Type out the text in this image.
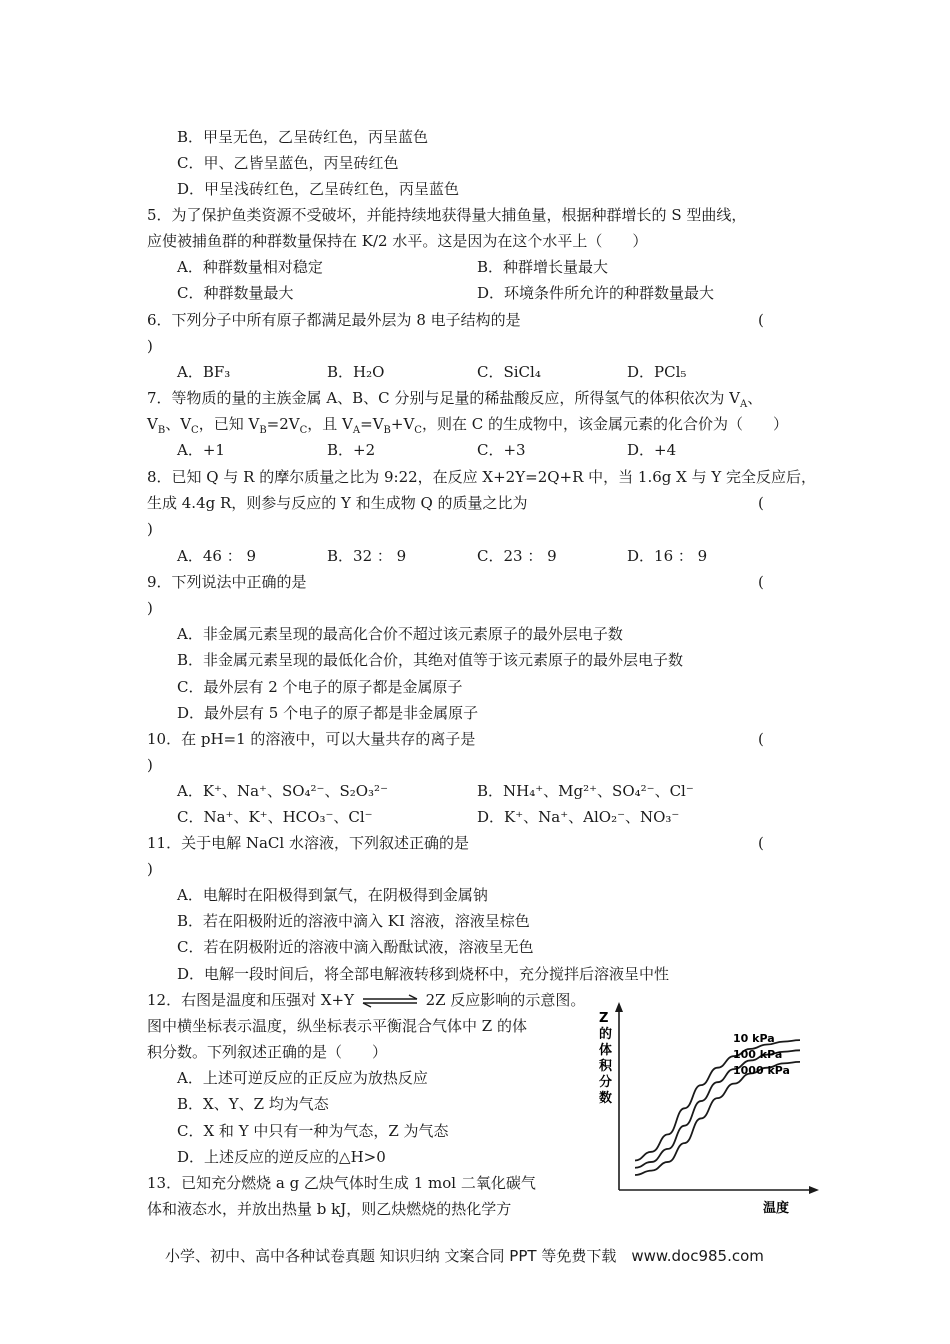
B．甲呈无色，乙呈砖红色，丙呈蓝色
C．甲、乙皆呈蓝色，丙呈砖红色
D．甲呈浅砖红色，乙呈砖红色，丙呈蓝色
5．为了保护鱼类资源不受破坏，并能持续地获得量大捕鱼量，根据种群增长的 S 型曲线，
应使被捕鱼群的种群数量保持在 K/2 水平。这是因为在这个水平上（　　）
A．种群数量相对稳定	B．种群增长量最大
C．种群数量最大	D．环境条件所允许的种群数量最大
6．下列分子中所有原子都满足最外层为 8 电子结构的是	(
)
A．BF₃	B．H₂O	C．SiCl₄	D．PCl₅
7．等物质的量的主族金属 A、B、C 分别与足量的稀盐酸反应，所得氢气的体积依次为 $V_A$、
$V_B$、$V_C$，已知 $V_B=2V_C$，且 $V_A=V_B+V_C$，则在 C 的生成物中，该金属元素的化合价为（　　）
A．+1	B．+2	C．+3	D．+4
8．已知 Q 与 R 的摩尔质量之比为 9:22，在反应 X+2Y=2Q+R 中，当 1.6g X 与 Y 完全反应后，
生成 4.4g R，则参与反应的 Y 和生成物 Q 的质量之比为	(
)
A．46 ： 9	B．32 ： 9	C．23 ： 9	D．16 ： 9
9．下列说法中正确的是	(
)
A．非金属元素呈现的最高化合价不超过该元素原子的最外层电子数
B．非金属元素呈现的最低化合价，其绝对值等于该元素原子的最外层电子数
C．最外层有 2 个电子的原子都是金属原子
D．最外层有 5 个电子的原子都是非金属原子
10．在 pH=1 的溶液中，可以大量共存的离子是	(
)
A．K⁺、Na⁺、SO₄²⁻、S₂O₃²⁻	B．NH₄⁺、Mg²⁺、SO₄²⁻、Cl⁻
C．Na⁺、K⁺、HCO₃⁻、Cl⁻	D．K⁺、Na⁺、AlO₂⁻、NO₃⁻
11．关于电解 NaCl 水溶液，下列叙述正确的是	(
)
A．电解时在阳极得到氯气，在阴极得到金属钠
B．若在阳极附近的溶液中滴入 KI 溶液，溶液呈棕色
C．若在阴极附近的溶液中滴入酚酞试液，溶液呈无色
D．电解一段时间后，将全部电解液转移到烧杯中，充分搅拌后溶液呈中性
12．右图是温度和压强对 X+Y	2Z 反应影响的示意图。
图中横坐标表示温度，纵坐标表示平衡混合气体中 Z 的体
积分数。下列叙述正确的是（　　）
A．上述可逆反应的正反应为放热反应
B．X、Y、Z 均为气态
C．X 和 Y 中只有一种为气态，Z 为气态
D．上述反应的逆反应的△H>0
13．已知充分燃烧 a g 乙炔气体时生成 1 mol 二氧化碳气
体和液态水，并放出热量 b kJ，则乙炔燃烧的热化学方
Z
的
体
积
分
数
温度
10 kPa
100 kPa
1000 kPa
小学、初中、高中各种试卷真题 知识归纳 文案合同 PPT 等免费下载　www.doc985.com
